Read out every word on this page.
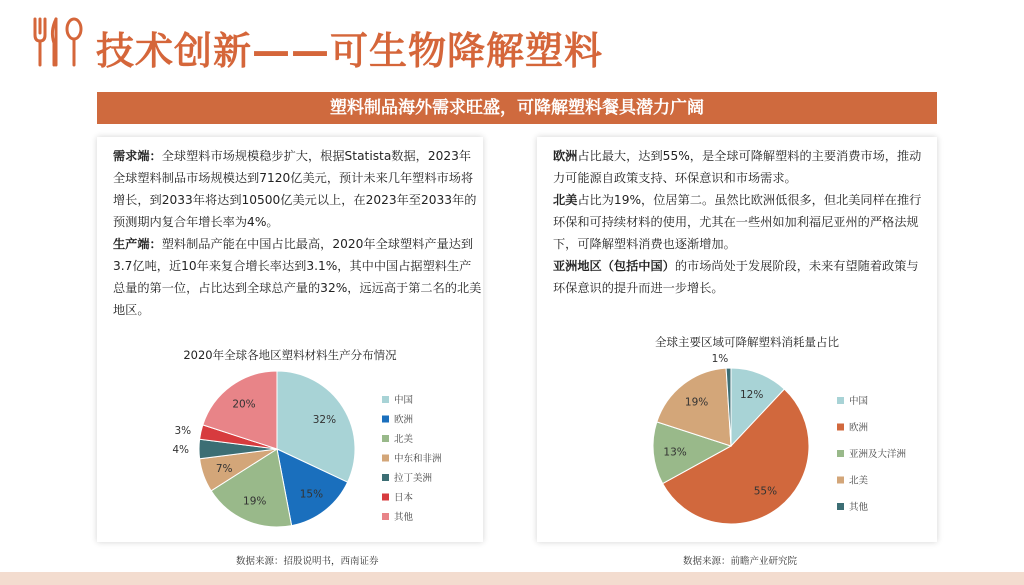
技术创新——可生物降解塑料
塑料制品海外需求旺盛，可降解塑料餐具潜力广阔

需求端：全球塑料市场规模稳步扩大，根据Statista数据，2023年全球塑料制品市场规模达到7120亿美元，预计未来几年塑料市场将增长，到2033年将达到10500亿美元以上，在2023年至2033年的预测期内复合年增长率为4%。

生产端：塑料制品产能在中国占比最高，2020年全球塑料产量达到3.7亿吨，近10年来复合增长率达到3.1%，其中中国占据塑料生产总量的第一位，占比达到全球总产量的32%，远远高于第二名的北美地区。

2020年全球各地区塑料材料生产分布情况
32%
15%
19%
7%
4%
3%
20%	中国
欧洲
北美
中东和非洲
拉丁美洲
日本
其他
数据来源：招股说明书，西南证券

欧洲占比最大，达到55%，是全球可降解塑料的主要消费市场，推动力可能源自政策支持、环保意识和市场需求。

北美占比为19%，位居第二。虽然比欧洲低很多，但北美同样在推行环保和可持续材料的使用，尤其在一些州如加利福尼亚州的严格法规下，可降解塑料消费也逐渐增加。

亚洲地区（包括中国）的市场尚处于发展阶段，未来有望随着政策与环保意识的提升而进一步增长。

全球主要区域可降解塑料消耗量占比
12%
55%
13%
19%
1%
中国
欧洲
亚洲及大洋洲
北美
其他
数据来源：前瞻产业研究院
